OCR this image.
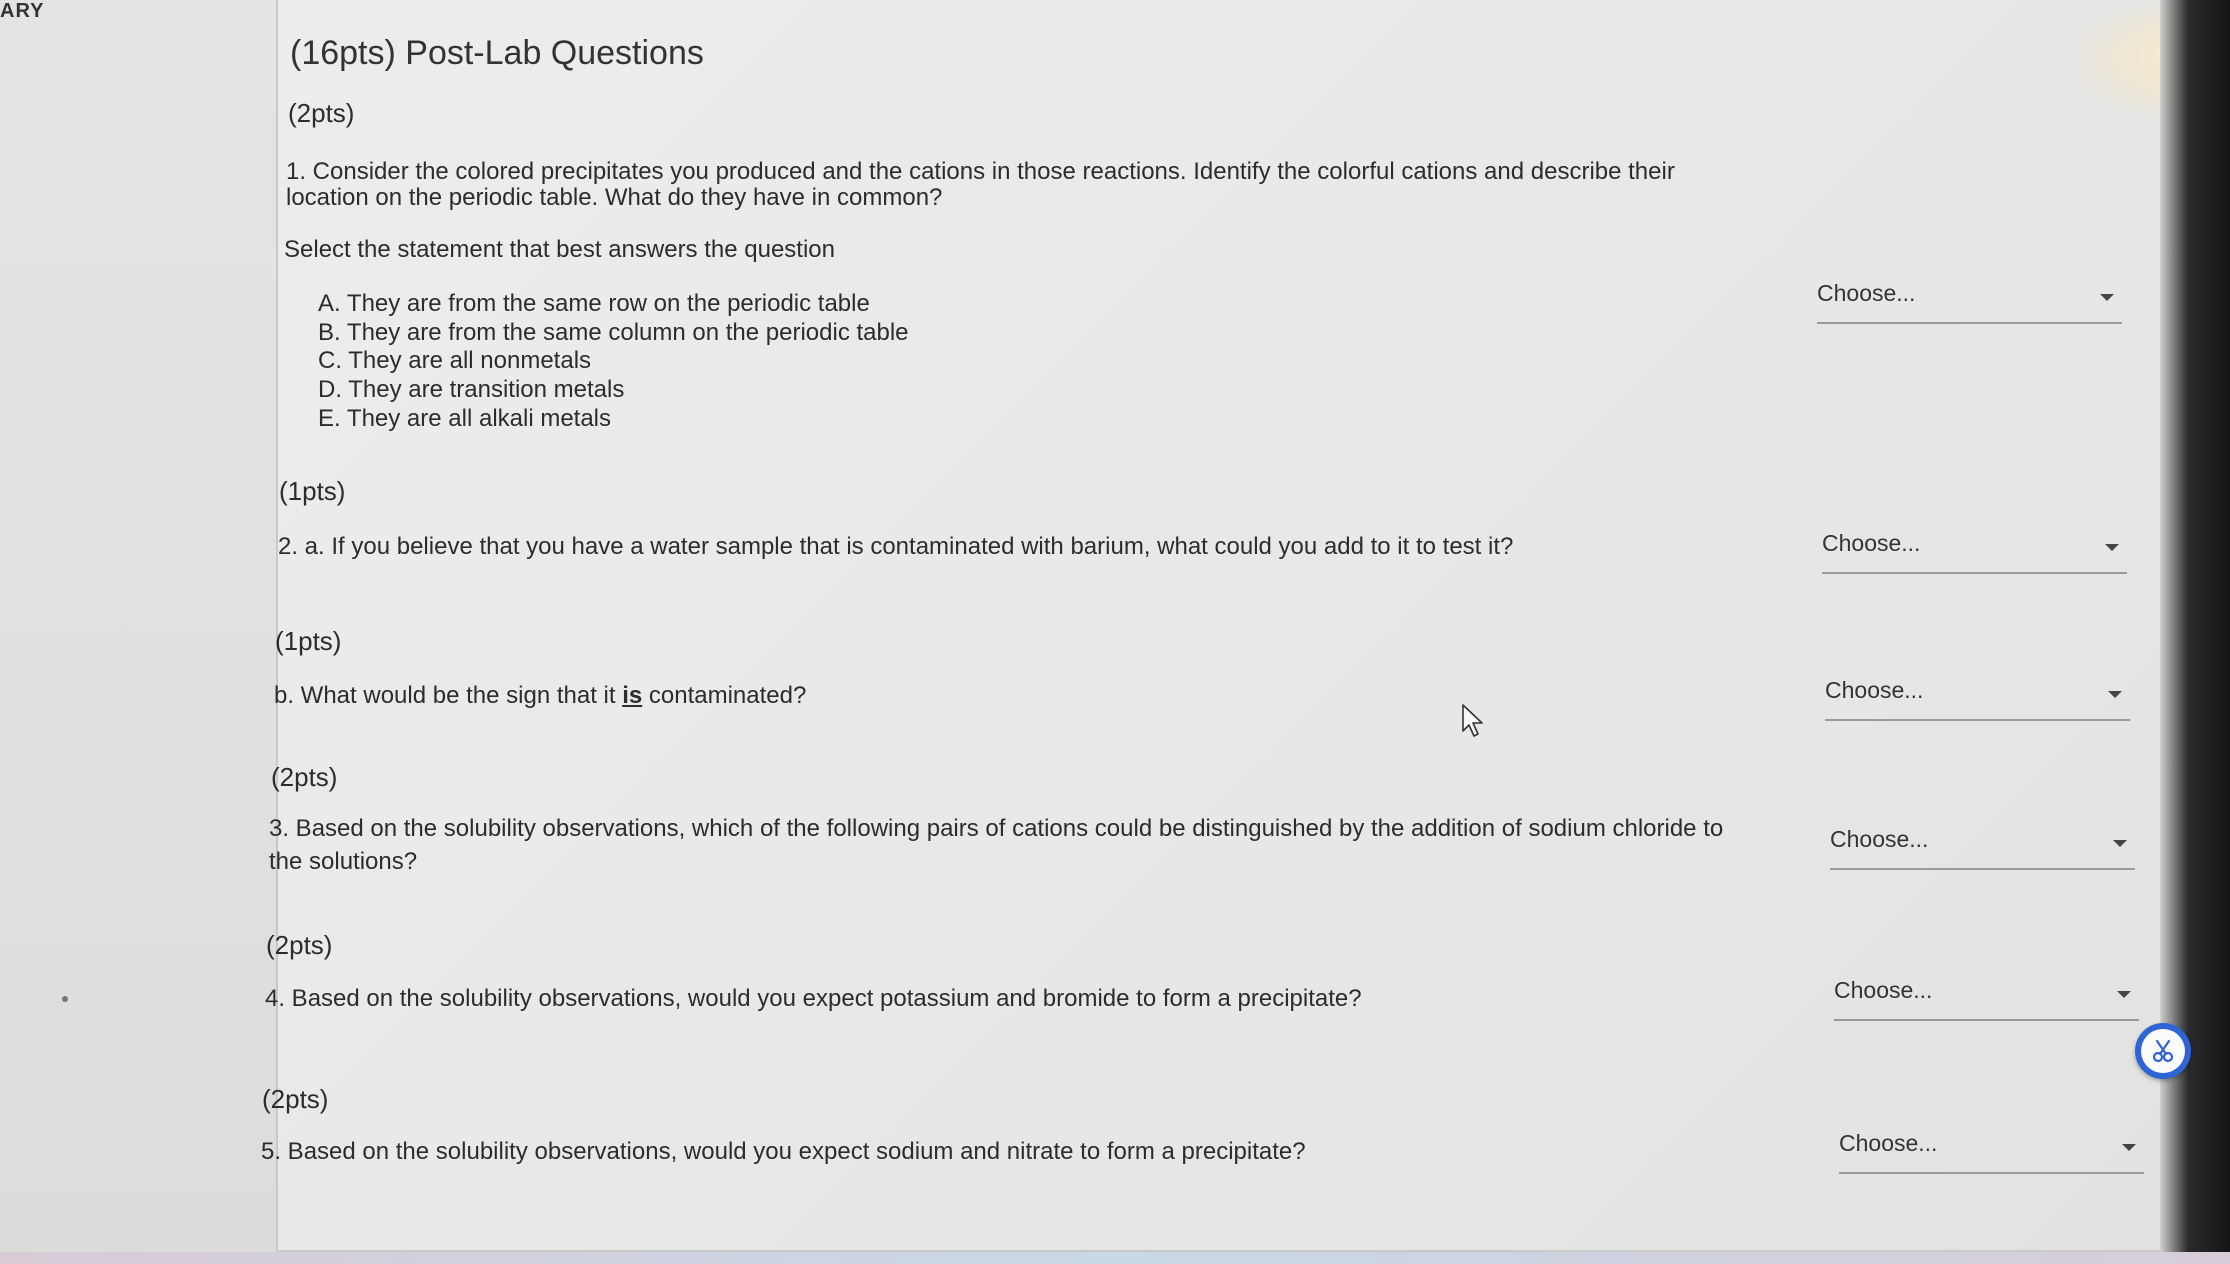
ARY
(16pts) Post-Lab Questions
(2pts)
1. Consider the colored precipitates you produced and the cations in those reactions. Identify the colorful cations and describe their
location on the periodic table. What do they have in common?
Select the statement that best answers the question
A. They are from the same row on the periodic table
B. They are from the same column on the periodic table
C. They are all nonmetals
D. They are transition metals
E. They are all alkali metals
Choose...
(1pts)
2. a. If you believe that you have a water sample that is contaminated with barium, what could you add to it to test it?	Choose...
(1pts)
b. What would be the sign that it is contaminated?	Choose...
(2pts)
3. Based on the solubility observations, which of the following pairs of cations could be distinguished by the addition of sodium chloride to
the solutions?
Choose...
(2pts)
4. Based on the solubility observations, would you expect potassium and bromide to form a precipitate?	Choose...
(2pts)
5. Based on the solubility observations, would you expect sodium and nitrate to form a precipitate?	Choose...
